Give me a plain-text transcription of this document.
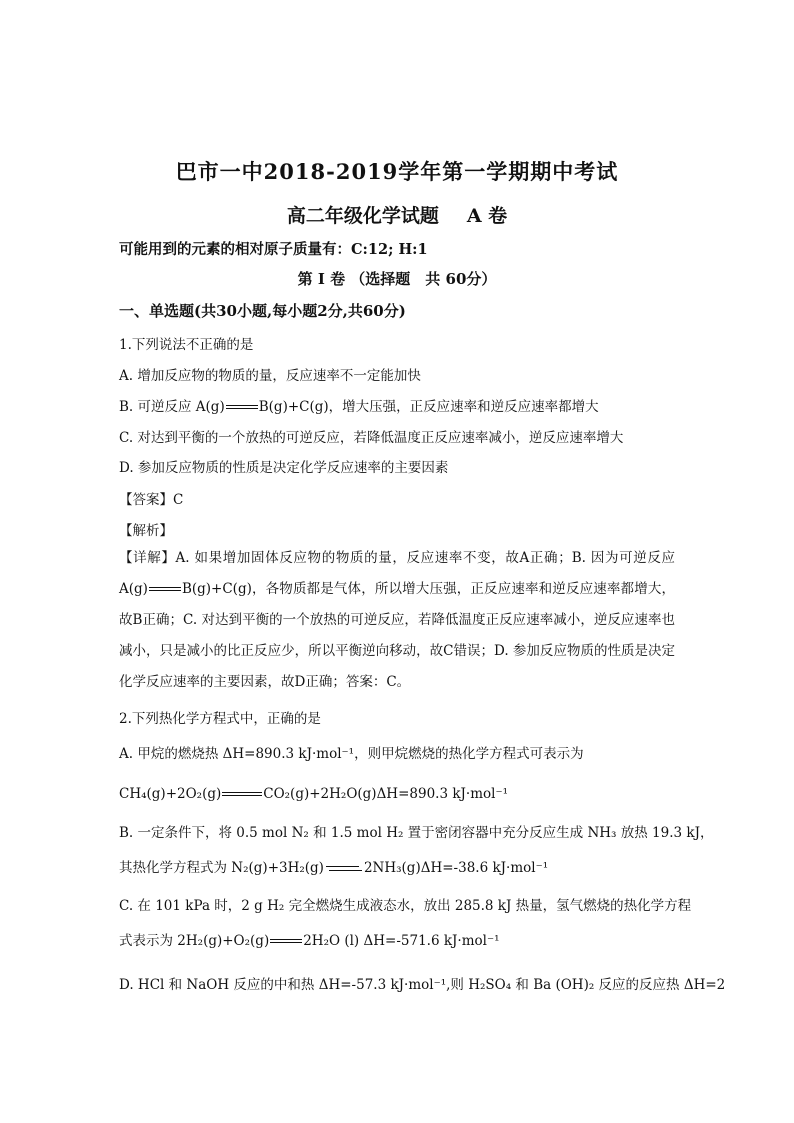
巴市一中2018-2019学年第一学期期中考试
高二年级化学试题 A 卷
可能用到的元素的相对原子质量有：C:12; H:1
第 I 卷 （选择题　共 60分）
一、单选题(共30小题,每小题2分,共60分)
1.下列说法不正确的是
A. 增加反应物的物质的量，反应速率不一定能加快
B. 可逆反应 A(g)	B(g)+C(g)，增大压强，正反应速率和逆反应速率都增大
C. 对达到平衡的一个放热的可逆反应，若降低温度正反应速率减小，逆反应速率增大
D. 参加反应物质的性质是决定化学反应速率的主要因素
【答案】C
【解析】
【详解】A. 如果增加固体反应物的物质的量，反应速率不变，故A正确；B. 因为可逆反应 A(g)	B(g)+C(g)，各物质都是气体，所以增大压强，正反应速率和逆反应速率都增大，故B正确；C. 对达到平衡的一个放热的可逆反应，若降低温度正反应速率减小，逆反应速率也减小，只是减小的比正反应少，所以平衡逆向移动，故C错误；D. 参加反应物质的性质是决定化学反应速率的主要因素，故D正确；答案：C。
2.下列热化学方程式中，正确的是
A. 甲烷的燃烧热 ΔH=890.3 kJ·mol⁻¹，则甲烷燃烧的热化学方程式可表示为
CH₄(g)+2O₂(g)	CO₂(g)+2H₂O(g)ΔH=890.3 kJ·mol⁻¹
B. 一定条件下，将 0.5 mol N₂ 和 1.5 mol H₂ 置于密闭容器中充分反应生成 NH₃ 放热 19.3 kJ，
其热化学方程式为 N₂(g)+3H₂(g)	2NH₃(g)ΔH=-38.6 kJ·mol⁻¹
C. 在 101 kPa 时，2 g H₂ 完全燃烧生成液态水，放出 285.8 kJ 热量，氢气燃烧的热化学方程
式表示为 2H₂(g)+O₂(g)	2H₂O (l) ΔH=-571.6 kJ·mol⁻¹
D. HCl 和 NaOH 反应的中和热 ΔH=-57.3 kJ·mol⁻¹,则 H₂SO₄ 和 Ba (OH)₂ 反应的反应热 ΔH=2
